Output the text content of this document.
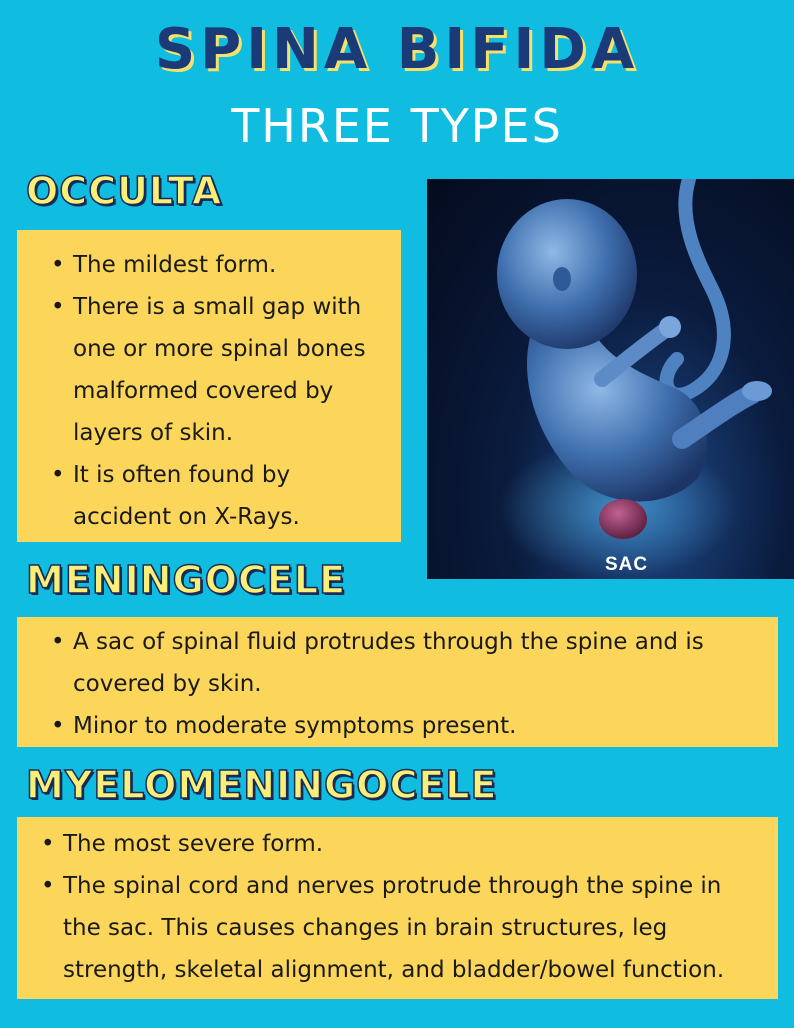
SPINA BIFIDA
THREE TYPES
OCCULTA
• The mildest form.
• There is a small gap with one or more spinal bones malformed covered by layers of skin.
• It is often found by accident on X-Rays.
SAC
MENINGOCELE
• A sac of spinal fluid protrudes through the spine and is covered by skin.
• Minor to moderate symptoms present.
MYELOMENINGOCELE
• The most severe form.
• The spinal cord and nerves protrude through the spine in the sac. This causes changes in brain structures, leg strength, skeletal alignment, and bladder/bowel function.
